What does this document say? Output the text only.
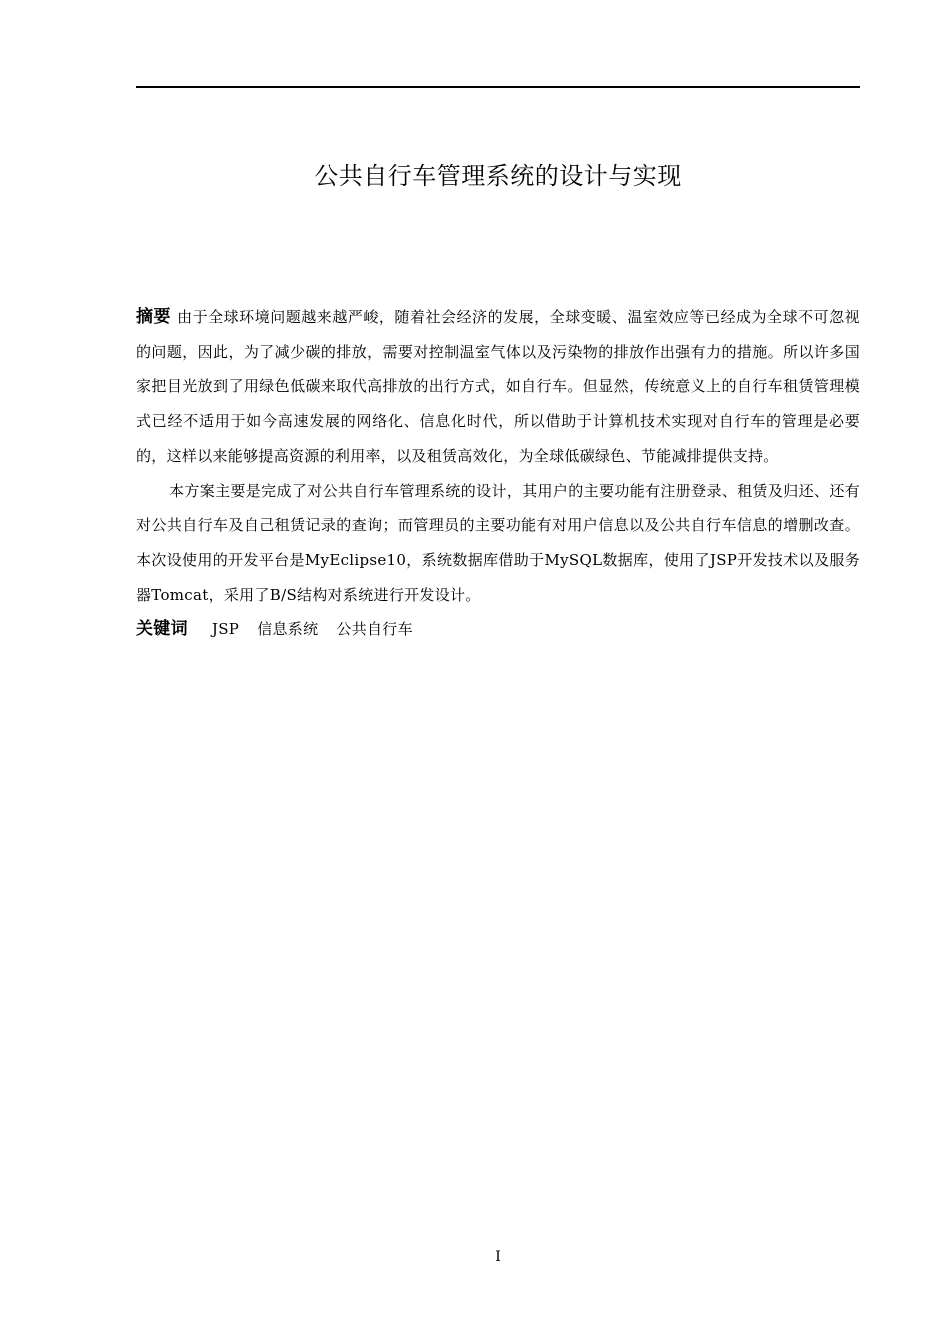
公共自行车管理系统的设计与实现

摘要 由于全球环境问题越来越严峻，随着社会经济的发展，全球变暖、温室效应等已经成为全球不可忽视的问题，因此，为了减少碳的排放，需要对控制温室气体以及污染物的排放作出强有力的措施。所以许多国家把目光放到了用绿色低碳来取代高排放的出行方式，如自行车。但显然，传统意义上的自行车租赁管理模式已经不适用于如今高速发展的网络化、信息化时代，所以借助于计算机技术实现对自行车的管理是必要的，这样以来能够提高资源的利用率，以及租赁高效化，为全球低碳绿色、节能减排提供支持。

本方案主要是完成了对公共自行车管理系统的设计，其用户的主要功能有注册登录、租赁及归还、还有对公共自行车及自己租赁记录的查询；而管理员的主要功能有对用户信息以及公共自行车信息的增删改查。本次设使用的开发平台是MyEclipse10，系统数据库借助于MySQL数据库，使用了JSP开发技术以及服务器Tomcat，采用了B/S结构对系统进行开发设计。

关键词 JSP 信息系统 公共自行车

I
